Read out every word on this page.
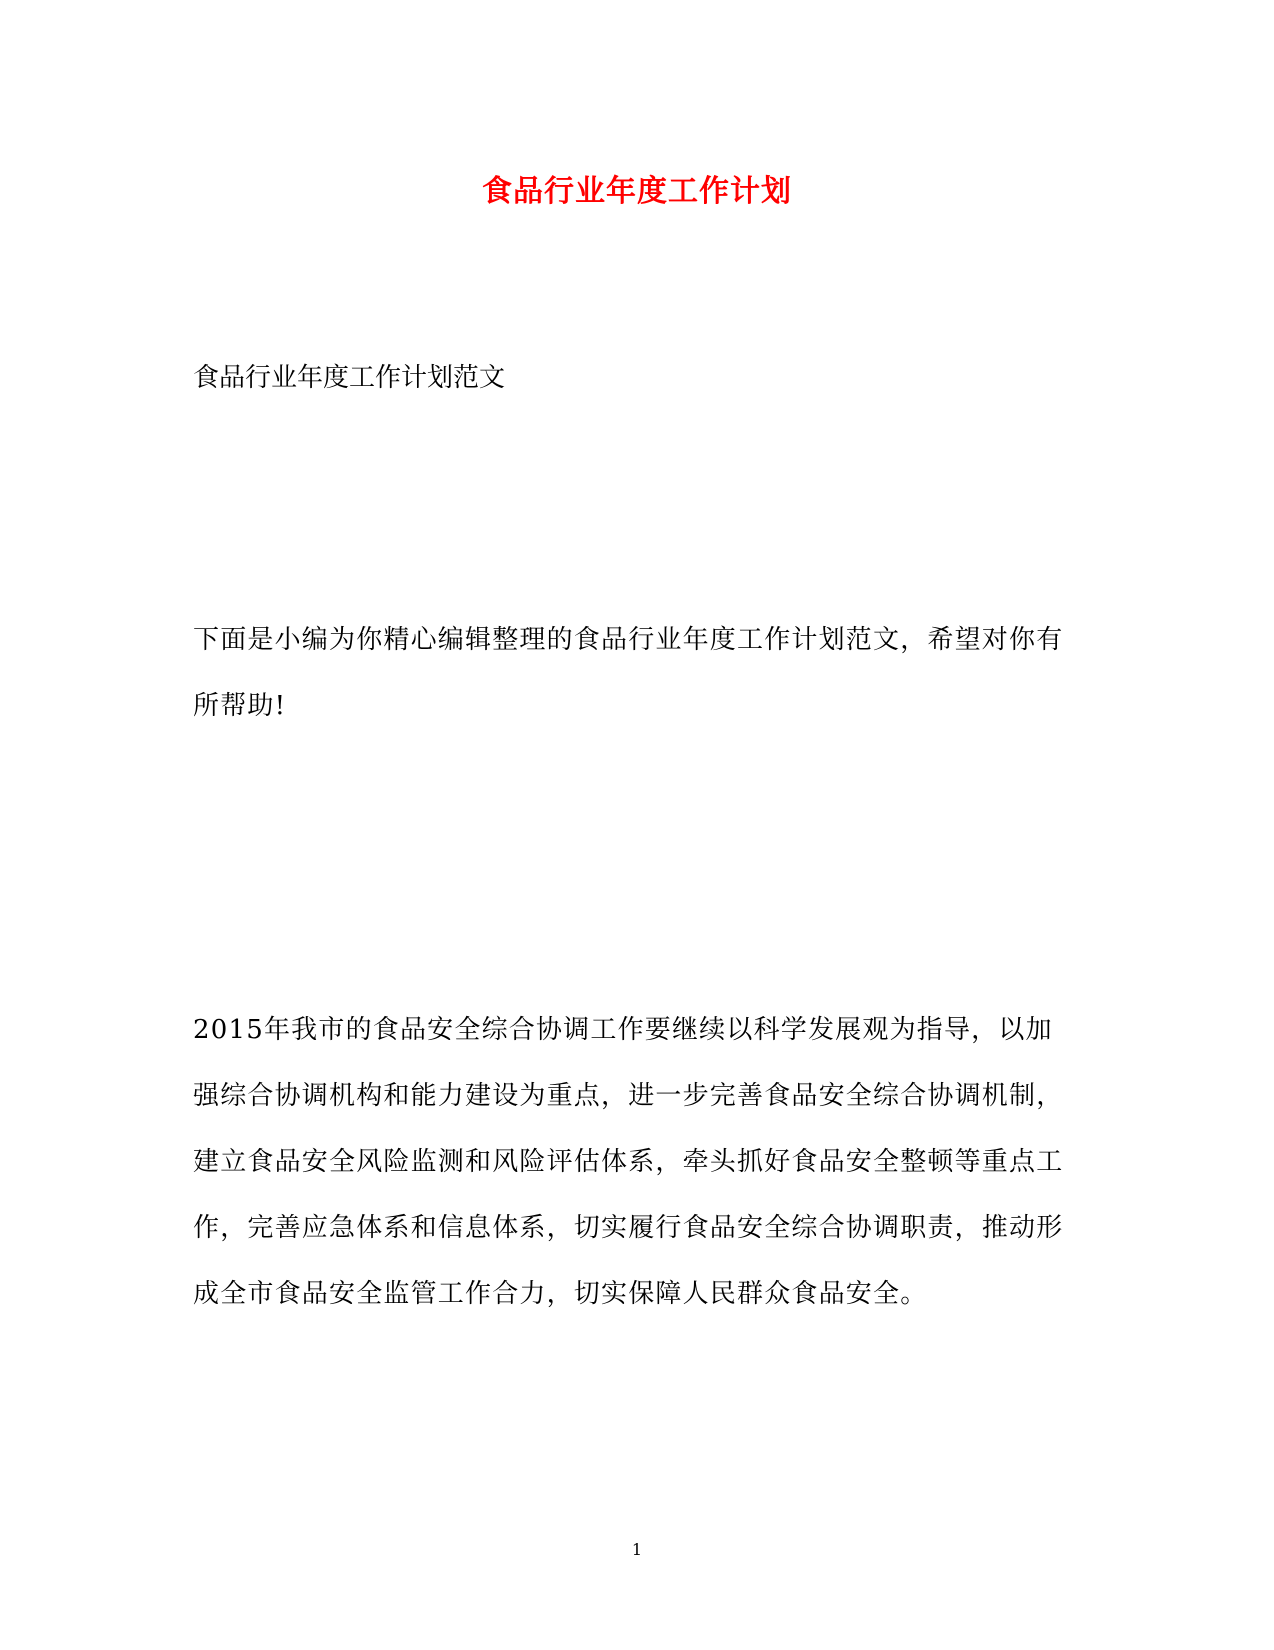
食品行业年度工作计划
食品行业年度工作计划范文

下面是小编为你精心编辑整理的食品行业年度工作计划范文，希望对你有所帮助!

2015年我市的食品安全综合协调工作要继续以科学发展观为指导，以加强综合协调机构和能力建设为重点，进一步完善食品安全综合协调机制，建立食品安全风险监测和风险评估体系，牵头抓好食品安全整顿等重点工作，完善应急体系和信息体系，切实履行食品安全综合协调职责，推动形成全市食品安全监管工作合力，切实保障人民群众食品安全。

1
